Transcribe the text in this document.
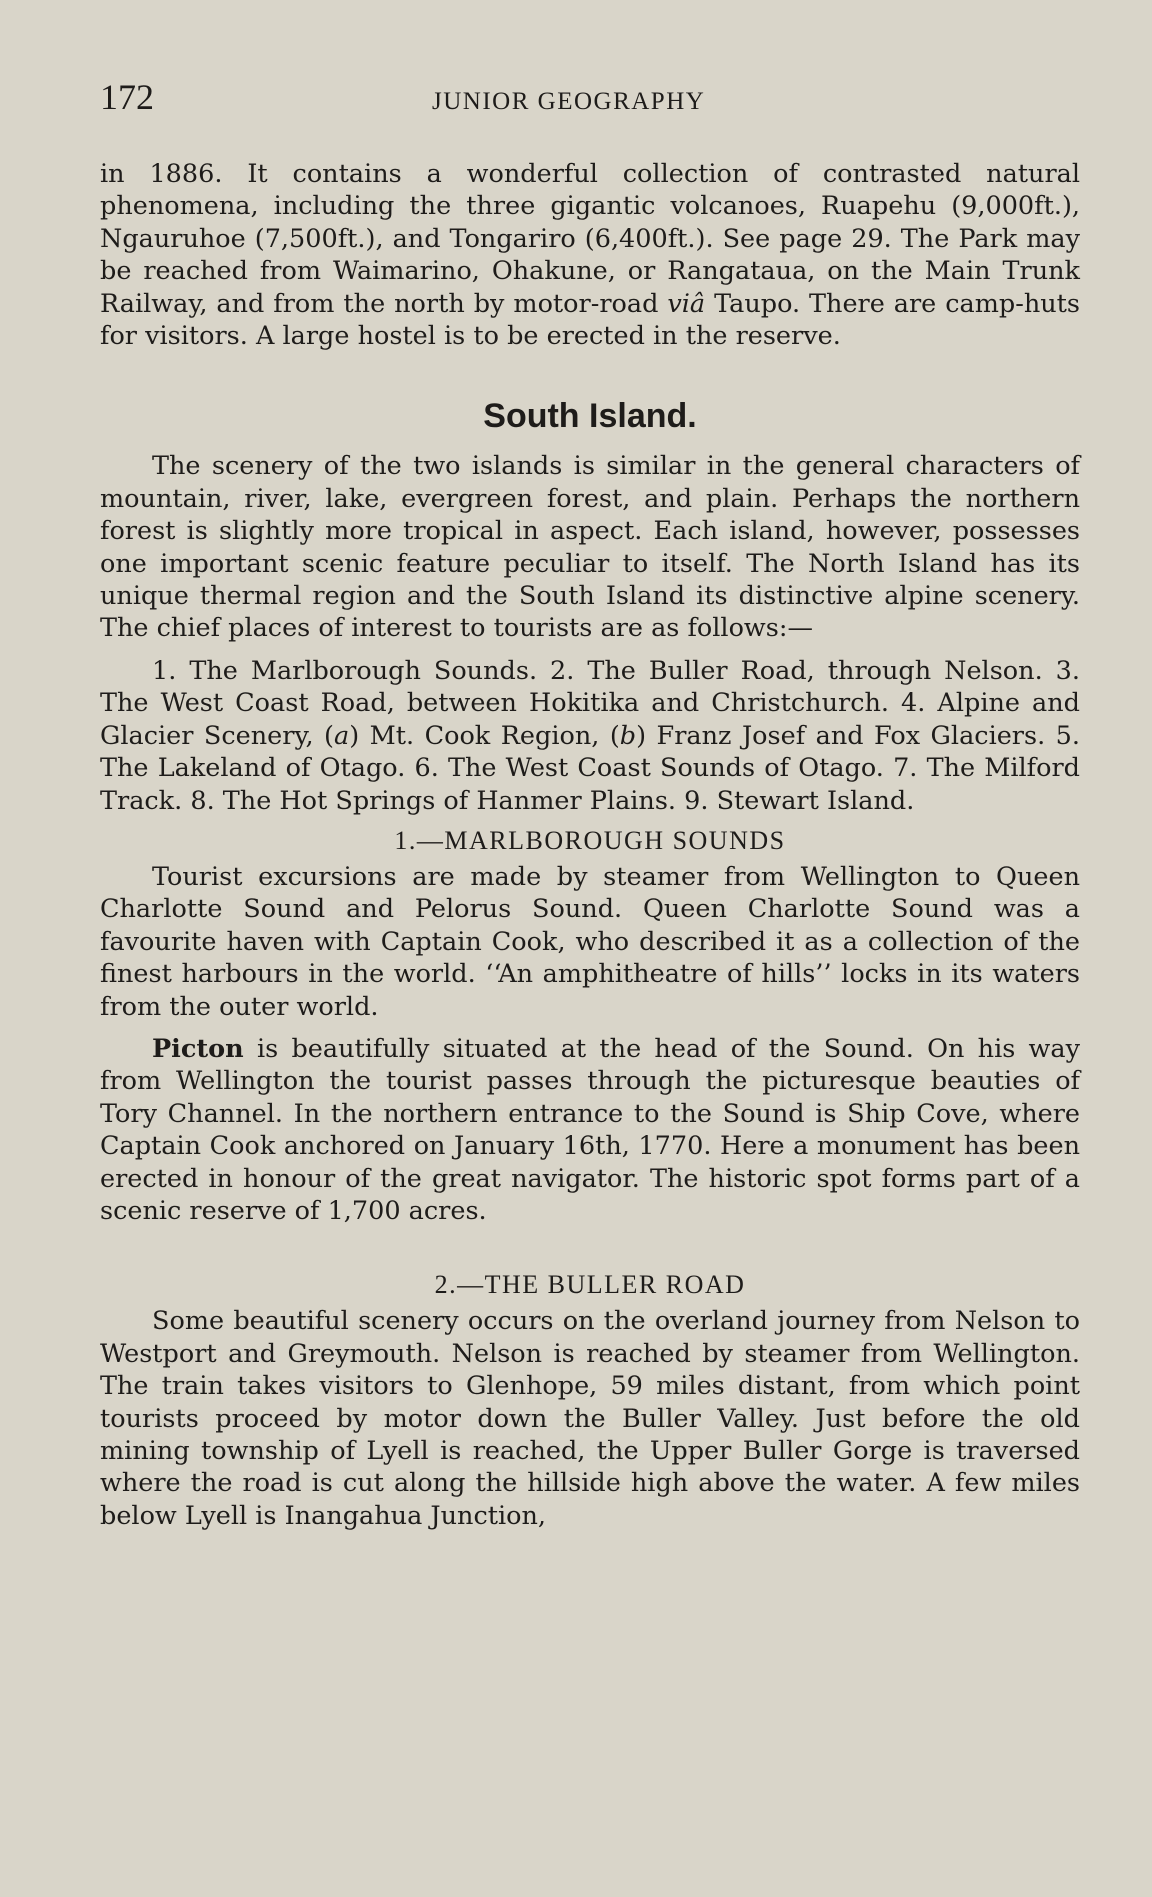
172	JUNIOR GEOGRAPHY

in 1886. It contains a wonderful collection of contrasted natural phenomena, including the three gigantic volcanoes, Ruapehu (9,000ft.), Ngauruhoe (7,500ft.), and Tongariro (6,400ft.). See page 29. The Park may be reached from Waimarino, Ohakune, or Rangataua, on the Main Trunk Railway, and from the north by motor-road viâ Taupo. There are camp-huts for visitors. A large hostel is to be erected in the reserve.

South Island.

The scenery of the two islands is similar in the general characters of mountain, river, lake, evergreen forest, and plain. Perhaps the northern forest is slightly more tropical in aspect. Each island, however, possesses one important scenic feature peculiar to itself. The North Island has its unique thermal region and the South Island its distinctive alpine scenery. The chief places of interest to tourists are as follows:—

1. The Marlborough Sounds. 2. The Buller Road, through Nelson. 3. The West Coast Road, between Hokitika and Christchurch. 4. Alpine and Glacier Scenery, (a) Mt. Cook Region, (b) Franz Josef and Fox Glaciers. 5. The Lakeland of Otago. 6. The West Coast Sounds of Otago. 7. The Milford Track. 8. The Hot Springs of Hanmer Plains. 9. Stewart Island.

1.—MARLBOROUGH SOUNDS

Tourist excursions are made by steamer from Wellington to Queen Charlotte Sound and Pelorus Sound. Queen Charlotte Sound was a favourite haven with Captain Cook, who described it as a collection of the finest harbours in the world. ‘‘An amphitheatre of hills’’ locks in its waters from the outer world.

Picton is beautifully situated at the head of the Sound. On his way from Wellington the tourist passes through the picturesque beauties of Tory Channel. In the northern entrance to the Sound is Ship Cove, where Captain Cook anchored on January 16th, 1770. Here a monument has been erected in honour of the great navigator. The historic spot forms part of a scenic reserve of 1,700 acres.

2.—THE BULLER ROAD

Some beautiful scenery occurs on the overland journey from Nelson to Westport and Greymouth. Nelson is reached by steamer from Wellington. The train takes visitors to Glenhope, 59 miles distant, from which point tourists proceed by motor down the Buller Valley. Just before the old mining township of Lyell is reached, the Upper Buller Gorge is traversed where the road is cut along the hillside high above the water. A few miles below Lyell is Inangahua Junction,
